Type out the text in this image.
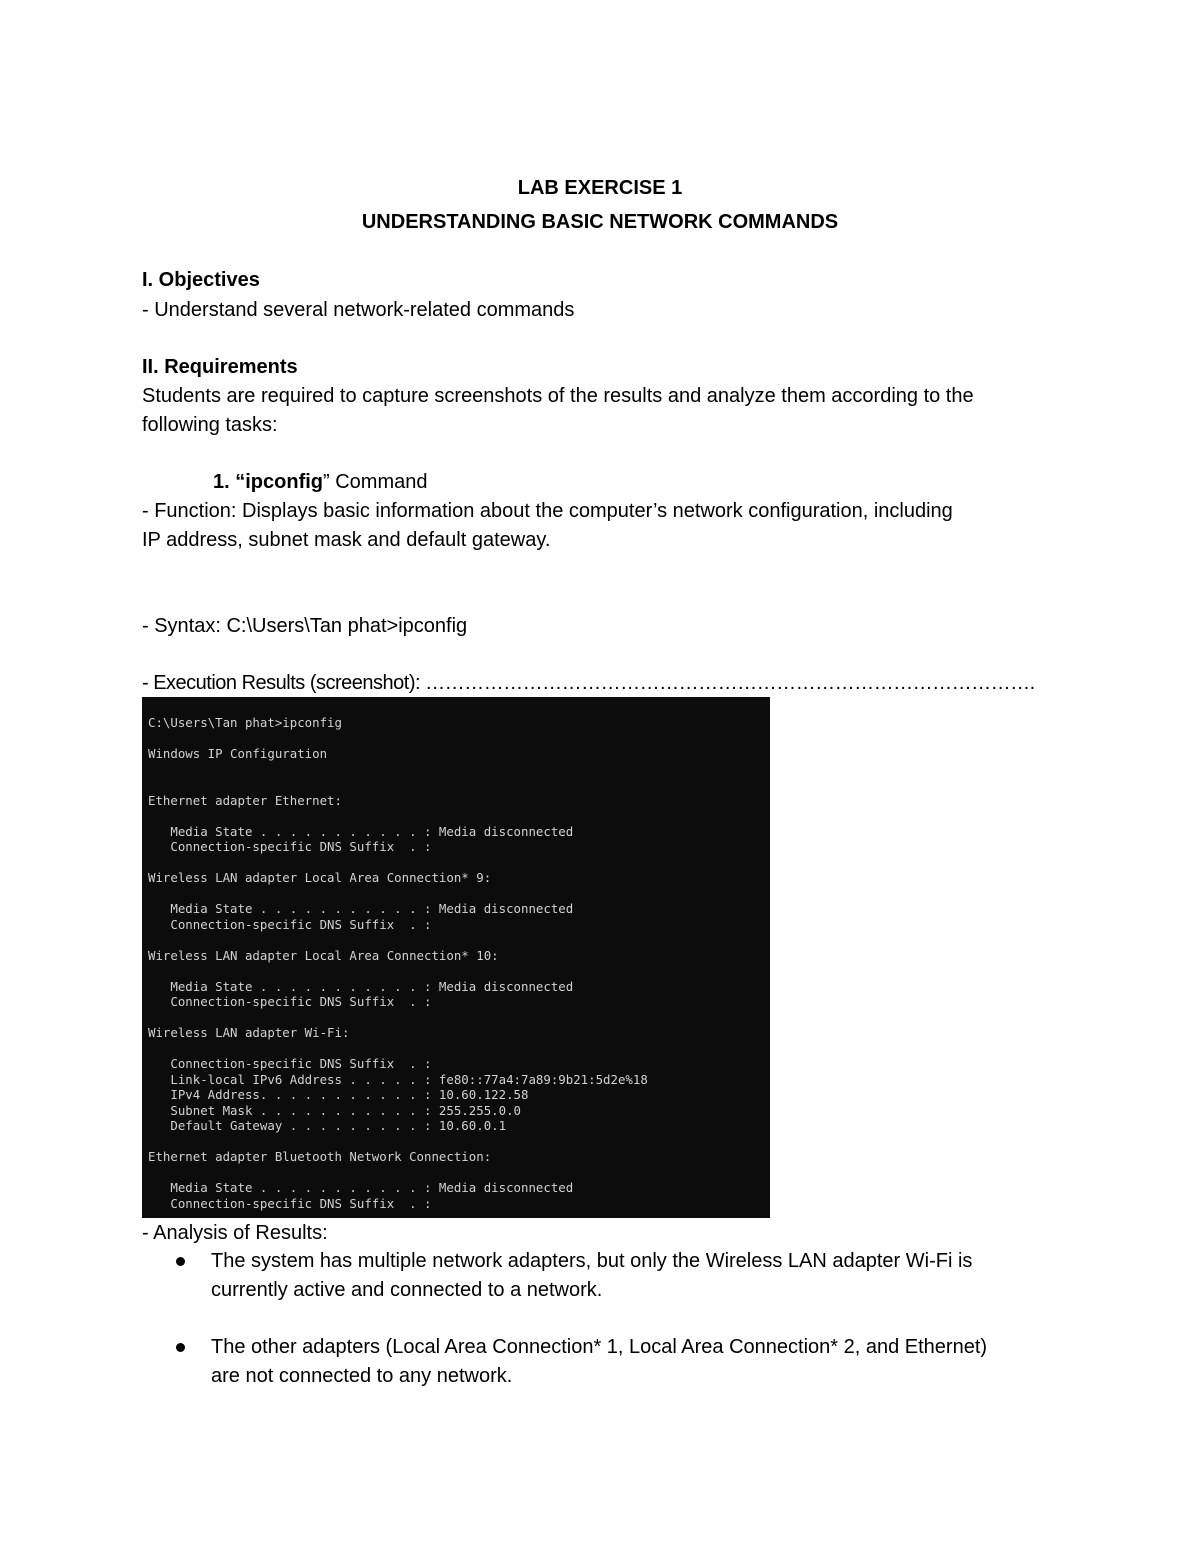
LAB EXERCISE 1
UNDERSTANDING BASIC NETWORK COMMANDS
I. Objectives
- Understand several network-related commands
II. Requirements
Students are required to capture screenshots of the results and analyze them according to the
following tasks:
1. “ipconfig” Command
- Function: Displays basic information about the computer’s network configuration, including
IP address, subnet mask and default gateway.
- Syntax: C:\Users\Tan phat>ipconfig
- Execution Results (screenshot): ………………………………………………………………………………….
C:\Users\Tan phat>ipconfig
Windows IP Configuration
Ethernet adapter Ethernet:
Media State . . . . . . . . . . . : Media disconnected
Connection-specific DNS Suffix  . :
Wireless LAN adapter Local Area Connection* 9:
Media State . . . . . . . . . . . : Media disconnected
Connection-specific DNS Suffix  . :
Wireless LAN adapter Local Area Connection* 10:
Media State . . . . . . . . . . . : Media disconnected
Connection-specific DNS Suffix  . :
Wireless LAN adapter Wi-Fi:
Connection-specific DNS Suffix  . :
Link-local IPv6 Address . . . . . : fe80::77a4:7a89:9b21:5d2e%18
IPv4 Address. . . . . . . . . . . : 10.60.122.58
Subnet Mask . . . . . . . . . . . : 255.255.0.0
Default Gateway . . . . . . . . . : 10.60.0.1
Ethernet adapter Bluetooth Network Connection:
Media State . . . . . . . . . . . : Media disconnected
Connection-specific DNS Suffix  . :
- Analysis of Results:
The system has multiple network adapters, but only the Wireless LAN adapter Wi-Fi is
currently active and connected to a network.
The other adapters (Local Area Connection* 1, Local Area Connection* 2, and Ethernet)
are not connected to any network.
